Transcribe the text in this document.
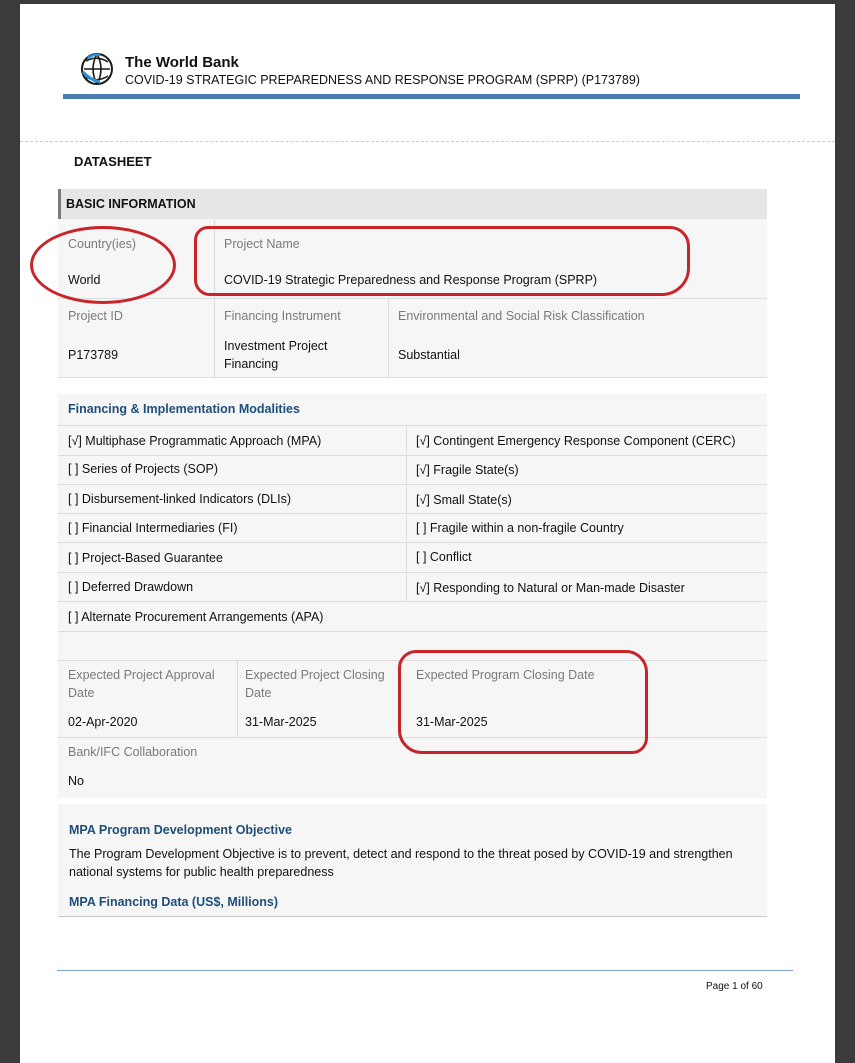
The World Bank
COVID-19 STRATEGIC PREPAREDNESS AND RESPONSE PROGRAM (SPRP) (P173789)
DATASHEET
BASIC INFORMATION
Country(ies)
World
Project Name
COVID-19 Strategic Preparedness and Response Program (SPRP)
Project ID
P173789
Financing Instrument
Investment Project
Financing
Environmental and Social Risk Classification
Substantial
Financing & Implementation Modalities
[√] Multiphase Programmatic Approach (MPA)
[ ] Series of Projects (SOP)
[ ] Disbursement-linked Indicators (DLIs)
[ ] Financial Intermediaries (FI)
[ ] Project-Based Guarantee
[ ] Deferred Drawdown
[ ] Alternate Procurement Arrangements (APA)
[√] Contingent Emergency Response Component (CERC)
[√] Fragile State(s)
[√] Small State(s)
[ ] Fragile within a non-fragile Country
[ ] Conflict
[√] Responding to Natural or Man-made Disaster
Expected Project Approval
Date
02-Apr-2020
Expected Project Closing
Date
31-Mar-2025
Expected Program Closing Date
31-Mar-2025
Bank/IFC Collaboration
No
MPA Program Development Objective
The Program Development Objective is to prevent, detect and respond to the threat posed by COVID-19 and strengthen national systems for public health preparedness
MPA Financing Data (US$, Millions)
Page 1 of 60
